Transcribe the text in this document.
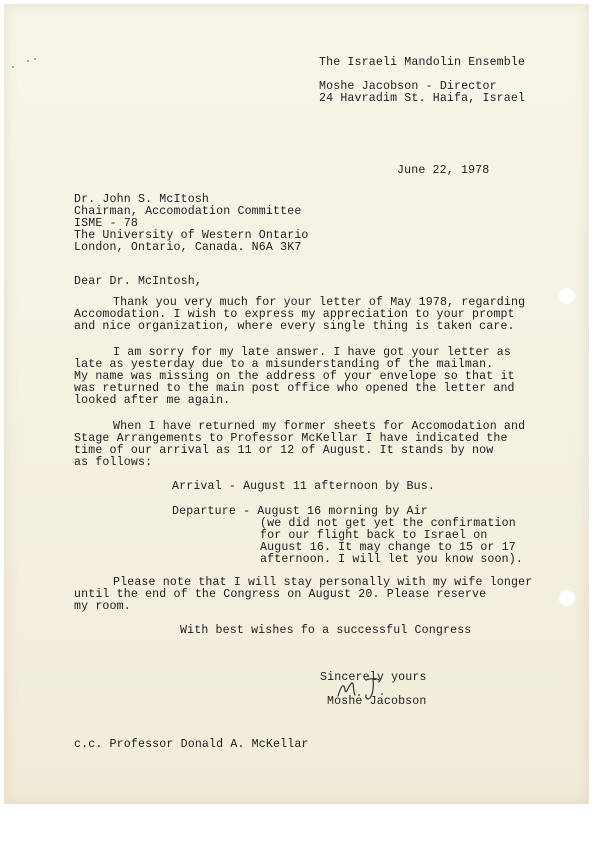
The Israeli Mandolin Ensemble
Moshe Jacobson - Director
24 Havradim St. Haifa, Israel
June 22, 1978
Dr. John S. McItosh
Chairman, Accomodation Committee
ISME - 78
The University of Western Ontario
London, Ontario, Canada. N6A 3K7
Dear Dr. McIntosh,
Thank you very much for your letter of May 1978, regarding
Accomodation. I wish to express my appreciation to your prompt
and nice organization, where every single thing is taken care.
I am sorry for my late answer. I have got your letter as
late as yesterday due to a misunderstanding of the mailman.
My name was missing on the address of your envelope so that it
was returned to the main post office who opened the letter and
looked after me again.
When I have returned my former sheets for Accomodation and
Stage Arrangements to Professor McKellar I have indicated the
time of our arrival as 11 or 12 of August. It stands by now
as follows:
Arrival - August 11 afternoon by Bus.
Departure - August 16 morning by Air
(we did not get yet the confirmation
for our flight back to Israel on
August 16. It may change to 15 or 17
afternoon. I will let you know soon).
Please note that I will stay personally with my wife longer
until the end of the Congress on August 20. Please reserve
my room.
With best wishes fo a successful Congress
Sincerely yours
Moshe Jacobson
c.c. Professor Donald A. McKellar
